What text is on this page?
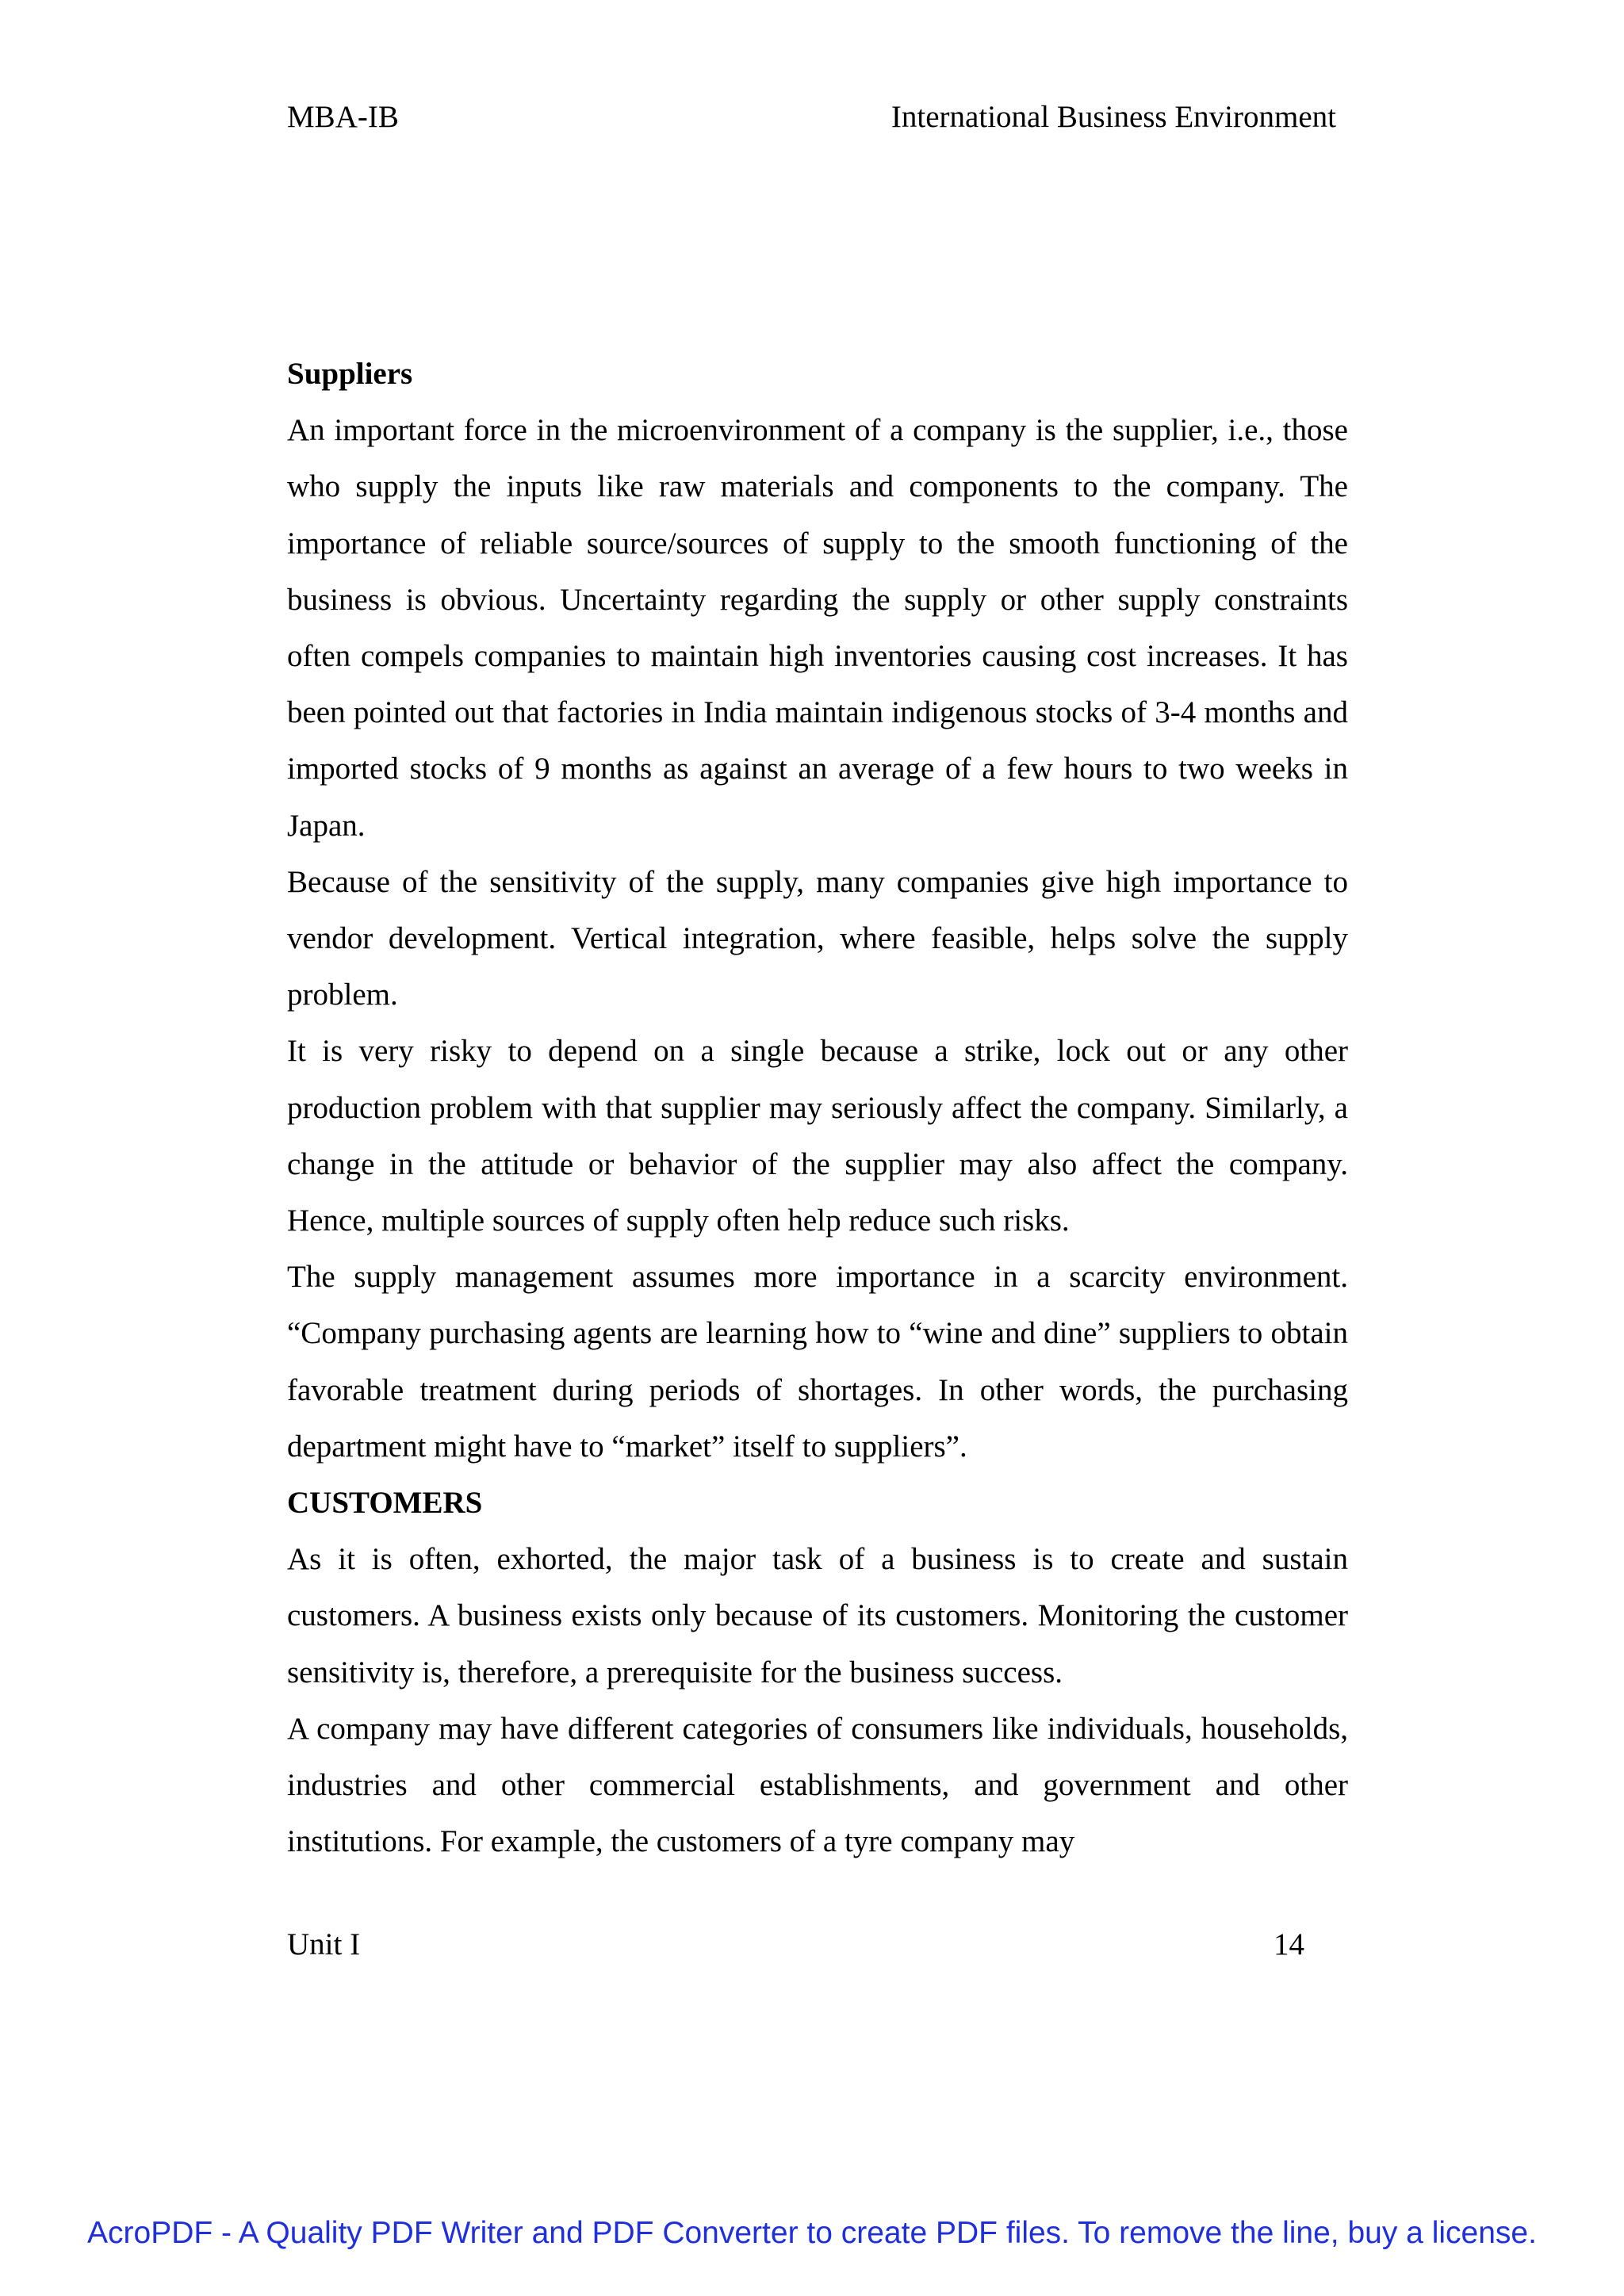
MBA-IB	International Business Environment
Suppliers

An important force in the microenvironment of a company is the supplier, i.e., those who supply the inputs like raw materials and components to the company. The importance of reliable source/sources of supply to the smooth functioning of the business is obvious. Uncertainty regarding the supply or other supply constraints often compels companies to maintain high inventories causing cost increases. It has been pointed out that factories in India maintain indigenous stocks of 3-4 months and imported stocks of 9 months as against an average of a few hours to two weeks in Japan.

Because of the sensitivity of the supply, many companies give high importance to vendor development. Vertical integration, where feasible, helps solve the supply problem.

It is very risky to depend on a single because a strike, lock out or any other production problem with that supplier may seriously affect the company. Similarly, a change in the attitude or behavior of the supplier may also affect the company. Hence, multiple sources of supply often help reduce such risks.

The supply management assumes more importance in a scarcity environment. “Company purchasing agents are learning how to “wine and dine” suppliers to obtain favorable treatment during periods of shortages. In other words, the purchasing department might have to “market” itself to suppliers”.

CUSTOMERS

As it is often, exhorted, the major task of a business is to create and sustain customers. A business exists only because of its customers. Monitoring the customer sensitivity is, therefore, a prerequisite for the business success.

A company may have different categories of consumers like individuals, households, industries and other commercial establishments, and government and other institutions. For example, the customers of a tyre company may

Unit I	14
AcroPDF - A Quality PDF Writer and PDF Converter to create PDF files. To remove the line, buy a license.
